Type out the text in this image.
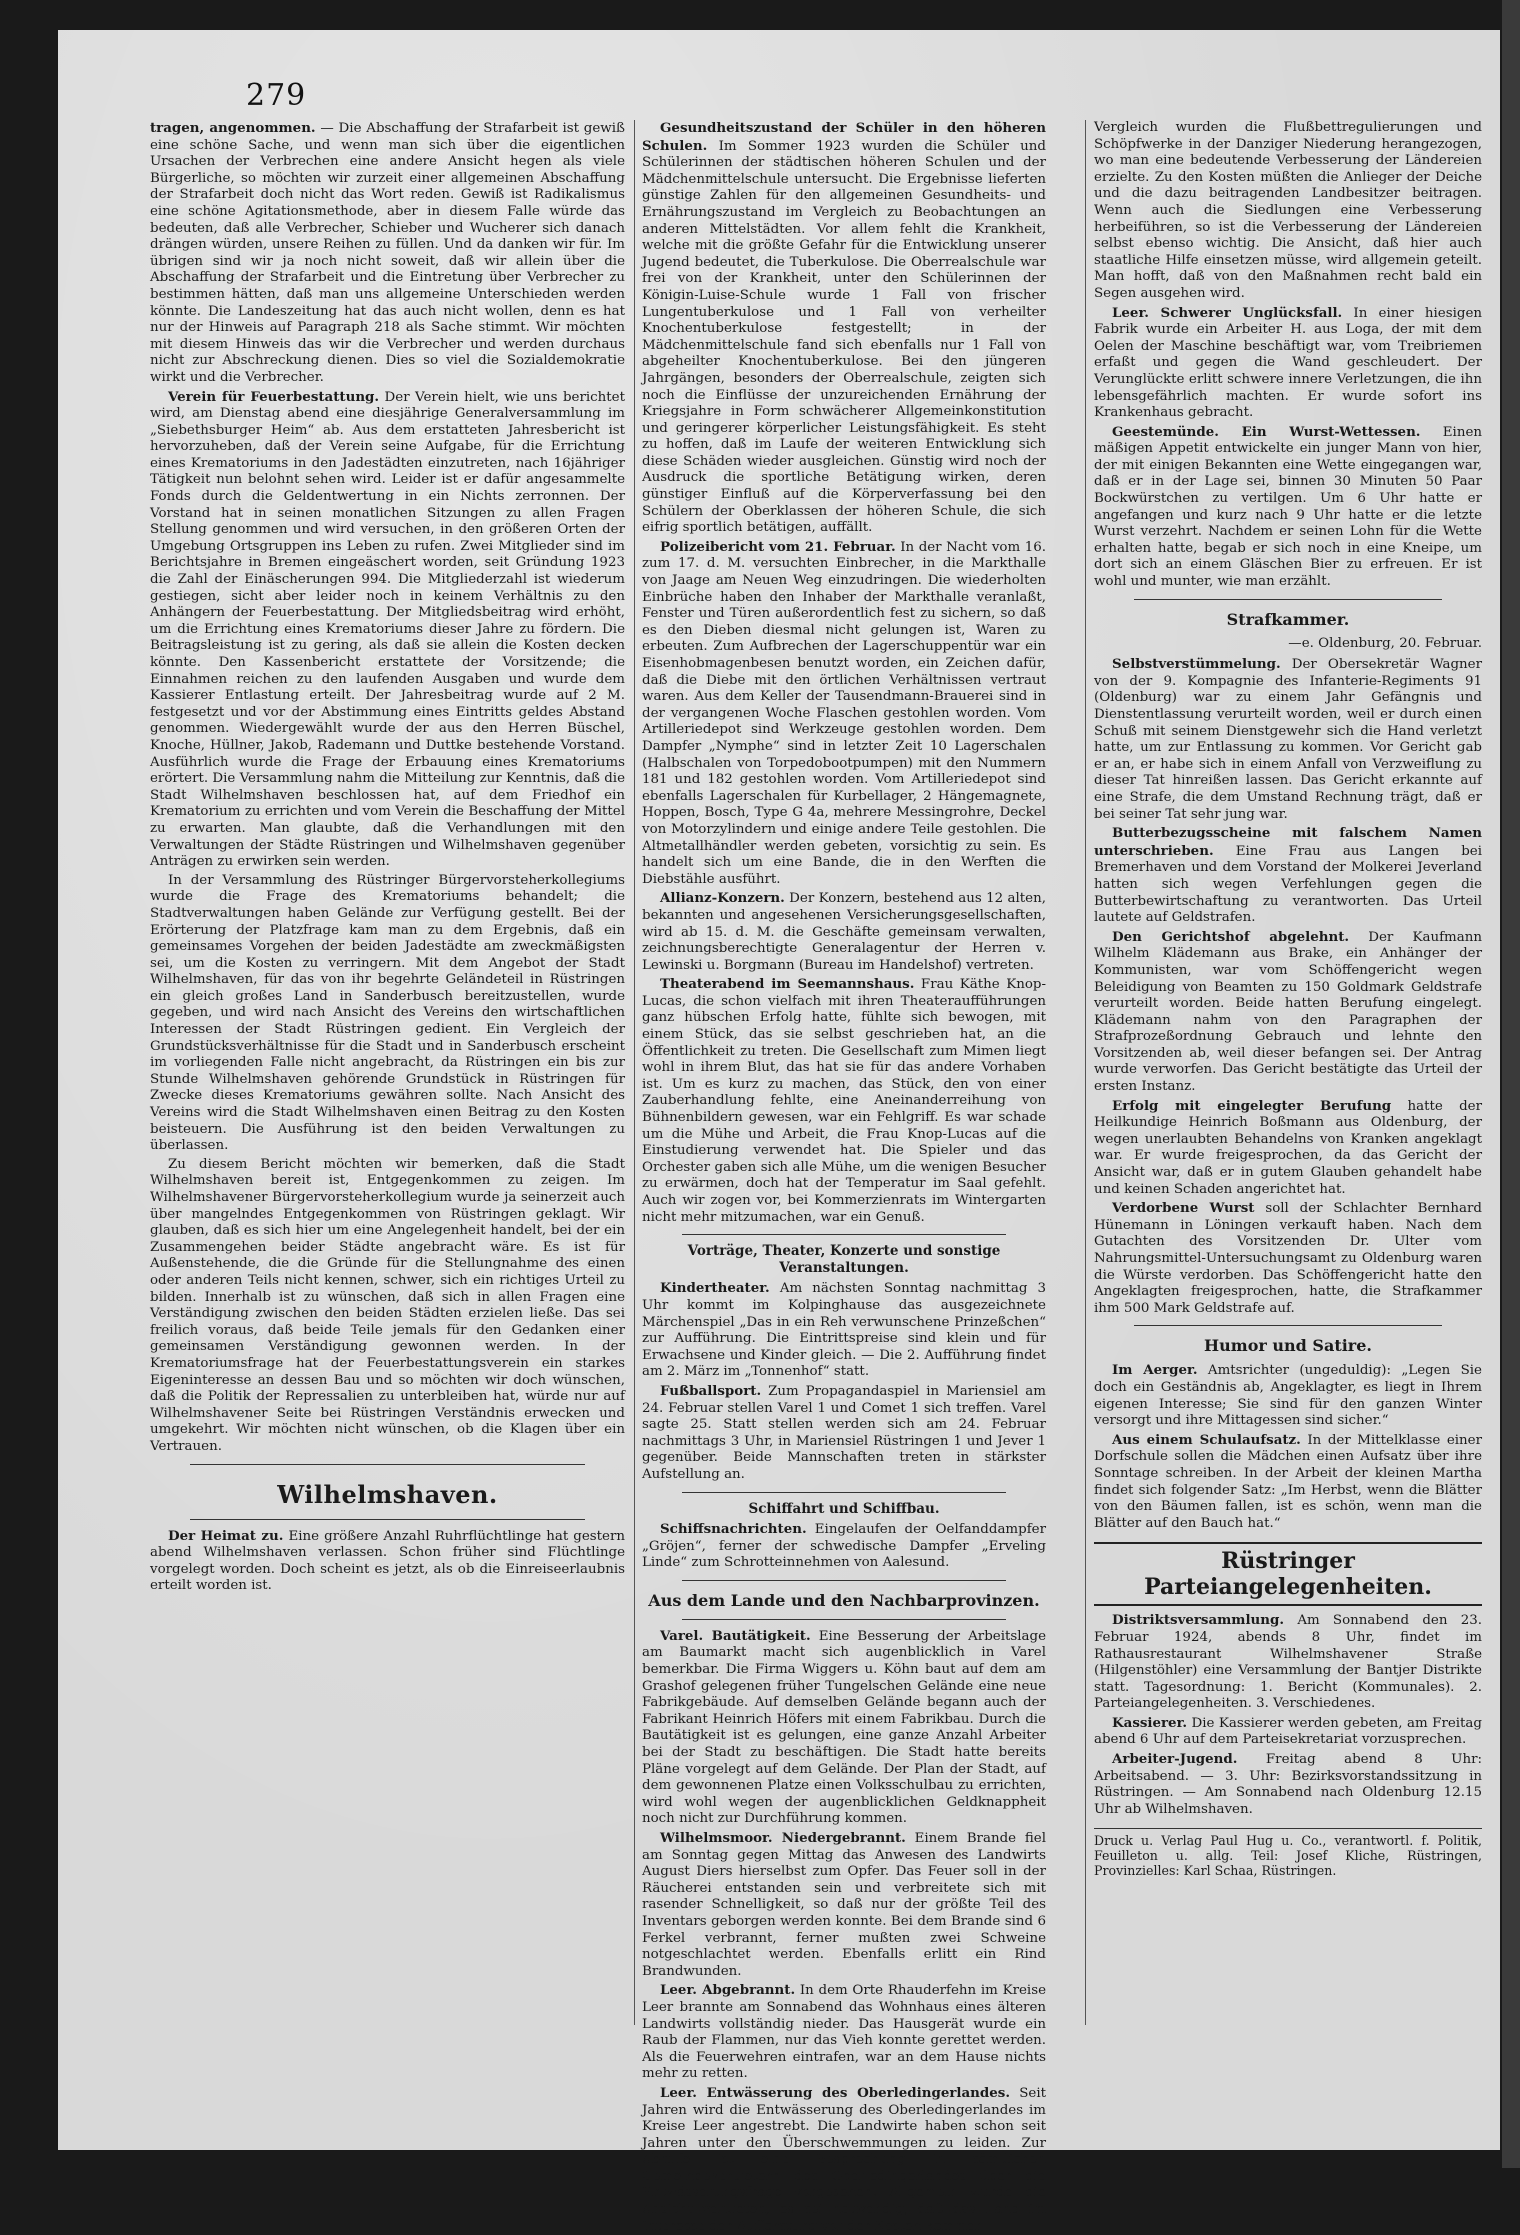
279

tragen, angenommen. — Die Abschaffung der Strafarbeit ist gewiß eine schöne Sache, und wenn man sich über die eigentlichen Ursachen der Verbrechen eine andere Ansicht hegen als viele Bürgerliche, so möchten wir zurzeit einer allgemeinen Abschaffung der Strafarbeit doch nicht das Wort reden. Gewiß ist Radikalismus eine schöne Agitationsmethode, aber in diesem Falle würde das bedeuten, daß alle Verbrecher, Schieber und Wucherer sich danach drängen würden, unsere Reihen zu füllen. Und da danken wir für. Im übrigen sind wir ja noch nicht soweit, daß wir allein über die Abschaffung der Strafarbeit und die Eintretung über Verbrecher zu bestimmen hätten, daß man uns allgemeine Unterschieden werden könnte. Die Landeszeitung hat das auch nicht wollen, denn es hat nur der Hinweis auf Paragraph 218 als Sache stimmt. Wir möchten mit diesem Hinweis das wir die Verbrecher und werden durchaus nicht zur Abschreckung dienen. Dies so viel die Sozialdemokratie wirkt und die Verbrecher.

Verein für Feuerbestattung. Der Verein hielt, wie uns berichtet wird, am Dienstag abend eine diesjährige Generalversammlung im „Siebethsburger Heim“ ab. Aus dem erstatteten Jahresbericht ist hervorzuheben, daß der Verein seine Aufgabe, für die Errichtung eines Krematoriums in den Jadestädten einzutreten, nach 16jähriger Tätigkeit nun belohnt sehen wird. Leider ist er dafür angesammelte Fonds durch die Geldentwertung in ein Nichts zerronnen. Der Vorstand hat in seinen monatlichen Sitzungen zu allen Fragen Stellung genommen und wird versuchen, in den größeren Orten der Umgebung Ortsgruppen ins Leben zu rufen. Zwei Mitglieder sind im Berichtsjahre in Bremen eingeäschert worden, seit Gründung 1923 die Zahl der Einäscherungen 994. Die Mitgliederzahl ist wiederum gestiegen, sicht aber leider noch in keinem Verhältnis zu den Anhängern der Feuerbestattung. Der Mitgliedsbeitrag wird erhöht, um die Errichtung eines Krematoriums dieser Jahre zu fördern. Die Beitragsleistung ist zu gering, als daß sie allein die Kosten decken könnte. Den Kassenbericht erstattete der Vorsitzende; die Einnahmen reichen zu den laufenden Ausgaben und wurde dem Kassierer Entlastung erteilt. Der Jahresbeitrag wurde auf 2 M. festgesetzt und vor der Abstimmung eines Eintritts geldes Abstand genommen. Wiedergewählt wurde der aus den Herren Büschel, Knoche, Hüllner, Jakob, Rademann und Duttke bestehende Vorstand. Ausführlich wurde die Frage der Erbauung eines Krematoriums erörtert. Die Versammlung nahm die Mitteilung zur Kenntnis, daß die Stadt Wilhelmshaven beschlossen hat, auf dem Friedhof ein Krematorium zu errichten und vom Verein die Beschaffung der Mittel zu erwarten. Man glaubte, daß die Verhandlungen mit den Verwaltungen der Städte Rüstringen und Wilhelmshaven gegenüber Anträgen zu erwirken sein werden.

In der Versammlung des Rüstringer Bürgervorsteherkollegiums wurde die Frage des Krematoriums behandelt; die Stadtverwaltungen haben Gelände zur Verfügung gestellt. Bei der Erörterung der Platzfrage kam man zu dem Ergebnis, daß ein gemeinsames Vorgehen der beiden Jadestädte am zweckmäßigsten sei, um die Kosten zu verringern. Mit dem Angebot der Stadt Wilhelmshaven, für das von ihr begehrte Geländeteil in Rüstringen ein gleich großes Land in Sanderbusch bereitzustellen, wurde gegeben, und wird nach Ansicht des Vereins den wirtschaftlichen Interessen der Stadt Rüstringen gedient. Ein Vergleich der Grundstücksverhältnisse für die Stadt und in Sanderbusch erscheint im vorliegenden Falle nicht angebracht, da Rüstringen ein bis zur Stunde Wilhelmshaven gehörende Grundstück in Rüstringen für Zwecke dieses Krematoriums gewähren sollte. Nach Ansicht des Vereins wird die Stadt Wilhelmshaven einen Beitrag zu den Kosten beisteuern. Die Ausführung ist den beiden Verwaltungen zu überlassen.

Zu diesem Bericht möchten wir bemerken, daß die Stadt Wilhelmshaven bereit ist, Entgegenkommen zu zeigen. Im Wilhelmshavener Bürgervorsteherkollegium wurde ja seinerzeit auch über mangelndes Entgegenkommen von Rüstringen geklagt. Wir glauben, daß es sich hier um eine Angelegenheit handelt, bei der ein Zusammengehen beider Städte angebracht wäre. Es ist für Außenstehende, die die Gründe für die Stellungnahme des einen oder anderen Teils nicht kennen, schwer, sich ein richtiges Urteil zu bilden. Innerhalb ist zu wünschen, daß sich in allen Fragen eine Verständigung zwischen den beiden Städten erzielen ließe. Das sei freilich voraus, daß beide Teile jemals für den Gedanken einer gemeinsamen Verständigung gewonnen werden. In der Krematoriumsfrage hat der Feuerbestattungsverein ein starkes Eigeninteresse an dessen Bau und so möchten wir doch wünschen, daß die Politik der Repressalien zu unterbleiben hat, würde nur auf Wilhelmshavener Seite bei Rüstringen Verständnis erwecken und umgekehrt. Wir möchten nicht wünschen, ob die Klagen über ein Vertrauen.

Wilhelmshaven.

Der Heimat zu. Eine größere Anzahl Ruhrflüchtlinge hat gestern abend Wilhelmshaven verlassen. Schon früher sind Flüchtlinge vorgelegt worden. Doch scheint es jetzt, als ob die Einreiseerlaubnis erteilt worden ist.

Gesundheitszustand der Schüler in den höheren Schulen. Im Sommer 1923 wurden die Schüler und Schülerinnen der städtischen höheren Schulen und der Mädchenmittelschule untersucht. Die Ergebnisse lieferten günstige Zahlen für den allgemeinen Gesundheits- und Ernährungszustand im Vergleich zu Beobachtungen an anderen Mittelstädten. Vor allem fehlt die Krankheit, welche mit die größte Gefahr für die Entwicklung unserer Jugend bedeutet, die Tuberkulose. Die Oberrealschule war frei von der Krankheit, unter den Schülerinnen der Königin-Luise-Schule wurde 1 Fall von frischer Lungentuberkulose und 1 Fall von verheilter Knochentuberkulose festgestellt; in der Mädchenmittelschule fand sich ebenfalls nur 1 Fall von abgeheilter Knochentuberkulose. Bei den jüngeren Jahrgängen, besonders der Oberrealschule, zeigten sich noch die Einflüsse der unzureichenden Ernährung der Kriegsjahre in Form schwächerer Allgemeinkonstitution und geringerer körperlicher Leistungsfähigkeit. Es steht zu hoffen, daß im Laufe der weiteren Entwicklung sich diese Schäden wieder ausgleichen. Günstig wird noch der Ausdruck die sportliche Betätigung wirken, deren günstiger Einfluß auf die Körperverfassung bei den Schülern der Oberklassen der höheren Schule, die sich eifrig sportlich betätigen, auffällt.

Polizeibericht vom 21. Februar. In der Nacht vom 16. zum 17. d. M. versuchten Einbrecher, in die Markthalle von Jaage am Neuen Weg einzudringen. Die wiederholten Einbrüche haben den Inhaber der Markthalle veranlaßt, Fenster und Türen außerordentlich fest zu sichern, so daß es den Dieben diesmal nicht gelungen ist, Waren zu erbeuten. Zum Aufbrechen der Lagerschuppentür war ein Eisenhobmagenbesen benutzt worden, ein Zeichen dafür, daß die Diebe mit den örtlichen Verhältnissen vertraut waren. Aus dem Keller der Tausendmann-Brauerei sind in der vergangenen Woche Flaschen gestohlen worden. Vom Artilleriedepot sind Werkzeuge gestohlen worden. Dem Dampfer „Nymphe“ sind in letzter Zeit 10 Lagerschalen (Halbschalen von Torpedobootpumpen) mit den Nummern 181 und 182 gestohlen worden. Vom Artilleriedepot sind ebenfalls Lagerschalen für Kurbellager, 2 Hängemagnete, Hoppen, Bosch, Type G 4a, mehrere Messingrohre, Deckel von Motorzylindern und einige andere Teile gestohlen. Die Altmetallhändler werden gebeten, vorsichtig zu sein. Es handelt sich um eine Bande, die in den Werften die Diebstähle ausführt.

Allianz-Konzern. Der Konzern, bestehend aus 12 alten, bekannten und angesehenen Versicherungsgesellschaften, wird ab 15. d. M. die Geschäfte gemeinsam verwalten, zeichnungsberechtigte Generalagentur der Herren v. Lewinski u. Borgmann (Bureau im Handelshof) vertreten.

Theaterabend im Seemannshaus. Frau Käthe Knop-Lucas, die schon vielfach mit ihren Theateraufführungen ganz hübschen Erfolg hatte, fühlte sich bewogen, mit einem Stück, das sie selbst geschrieben hat, an die Öffentlichkeit zu treten. Die Gesellschaft zum Mimen liegt wohl in ihrem Blut, das hat sie für das andere Vorhaben ist. Um es kurz zu machen, das Stück, den von einer Zauberhandlung fehlte, eine Aneinanderreihung von Bühnenbildern gewesen, war ein Fehlgriff. Es war schade um die Mühe und Arbeit, die Frau Knop-Lucas auf die Einstudierung verwendet hat. Die Spieler und das Orchester gaben sich alle Mühe, um die wenigen Besucher zu erwärmen, doch hat der Temperatur im Saal gefehlt. Auch wir zogen vor, bei Kommerzienrats im Wintergarten nicht mehr mitzumachen, war ein Genuß.

Vorträge, Theater, Konzerte und sonstige Veranstaltungen.

Kindertheater. Am nächsten Sonntag nachmittag 3 Uhr kommt im Kolpinghause das ausgezeichnete Märchenspiel „Das in ein Reh verwunschene Prinzeßchen“ zur Aufführung. Die Eintrittspreise sind klein und für Erwachsene und Kinder gleich. — Die 2. Aufführung findet am 2. März im „Tonnenhof“ statt.

Fußballsport. Zum Propagandaspiel in Mariensiel am 24. Februar stellen Varel 1 und Comet 1 sich treffen. Varel sagte 25. Statt stellen werden sich am 24. Februar nachmittags 3 Uhr, in Mariensiel Rüstringen 1 und Jever 1 gegenüber. Beide Mannschaften treten in stärkster Aufstellung an.

Schiffahrt und Schiffbau.

Schiffsnachrichten. Eingelaufen der Oelfanddampfer „Gröjen“, ferner der schwedische Dampfer „Erveling Linde“ zum Schrotteinnehmen von Aalesund.

Aus dem Lande und den Nachbarprovinzen.

Varel. Bautätigkeit. Eine Besserung der Arbeitslage am Baumarkt macht sich augenblicklich in Varel bemerkbar. Die Firma Wiggers u. Köhn baut auf dem am Grashof gelegenen früher Tungelschen Gelände eine neue Fabrikgebäude. Auf demselben Gelände begann auch der Fabrikant Heinrich Höfers mit einem Fabrikbau. Durch die Bautätigkeit ist es gelungen, eine ganze Anzahl Arbeiter bei der Stadt zu beschäftigen. Die Stadt hatte bereits Pläne vorgelegt auf dem Gelände. Der Plan der Stadt, auf dem gewonnenen Platze einen Volksschulbau zu errichten, wird wohl wegen der augenblicklichen Geldknappheit noch nicht zur Durchführung kommen.

Wilhelmsmoor. Niedergebrannt. Einem Brande fiel am Sonntag gegen Mittag das Anwesen des Landwirts August Diers hierselbst zum Opfer. Das Feuer soll in der Räucherei entstanden sein und verbreitete sich mit rasender Schnelligkeit, so daß nur der größte Teil des Inventars geborgen werden konnte. Bei dem Brande sind 6 Ferkel verbrannt, ferner mußten zwei Schweine notgeschlachtet werden. Ebenfalls erlitt ein Rind Brandwunden.

Leer. Abgebrannt. In dem Orte Rhauderfehn im Kreise Leer brannte am Sonnabend das Wohnhaus eines älteren Landwirts vollständig nieder. Das Hausgerät wurde ein Raub der Flammen, nur das Vieh konnte gerettet werden. Als die Feuerwehren eintrafen, war an dem Hause nichts mehr zu retten.

Leer. Entwässerung des Oberledingerlandes. Seit Jahren wird die Entwässerung des Oberledingerlandes im Kreise Leer angestrebt. Die Landwirte haben schon seit Jahren unter den Überschwemmungen zu leiden. Zur Abhilfe ist eine Besprechung in sämtlichen Gemeindevertretern des Oberledingerlandes über die Entwässerungsfrage vorgesehen. Allgemein wurde die Ansicht vertreten, es sei notwendig, daß das Land im Interesse der Aufforstung vor der Kosten kommen.

Vergleich wurden die Flußbettregulierungen und Schöpfwerke in der Danziger Niederung herangezogen, wo man eine bedeutende Verbesserung der Ländereien erzielte. Zu den Kosten müßten die Anlieger der Deiche und die dazu beitragenden Landbesitzer beitragen. Wenn auch die Siedlungen eine Verbesserung herbeiführen, so ist die Verbesserung der Ländereien selbst ebenso wichtig. Die Ansicht, daß hier auch staatliche Hilfe einsetzen müsse, wird allgemein geteilt. Man hofft, daß von den Maßnahmen recht bald ein Segen ausgehen wird.

Leer. Schwerer Unglücksfall. In einer hiesigen Fabrik wurde ein Arbeiter H. aus Loga, der mit dem Oelen der Maschine beschäftigt war, vom Treibriemen erfaßt und gegen die Wand geschleudert. Der Verunglückte erlitt schwere innere Verletzungen, die ihn lebensgefährlich machten. Er wurde sofort ins Krankenhaus gebracht.

Geestemünde. Ein Wurst-Wettessen. Einen mäßigen Appetit entwickelte ein junger Mann von hier, der mit einigen Bekannten eine Wette eingegangen war, daß er in der Lage sei, binnen 30 Minuten 50 Paar Bockwürstchen zu vertilgen. Um 6 Uhr hatte er angefangen und kurz nach 9 Uhr hatte er die letzte Wurst verzehrt. Nachdem er seinen Lohn für die Wette erhalten hatte, begab er sich noch in eine Kneipe, um dort sich an einem Gläschen Bier zu erfreuen. Er ist wohl und munter, wie man erzählt.

Strafkammer.
—e. Oldenburg, 20. Februar.

Selbstverstümmelung. Der Obersekretär Wagner von der 9. Kompagnie des Infanterie-Regiments 91 (Oldenburg) war zu einem Jahr Gefängnis und Dienstentlassung verurteilt worden, weil er durch einen Schuß mit seinem Dienstgewehr sich die Hand verletzt hatte, um zur Entlassung zu kommen. Vor Gericht gab er an, er habe sich in einem Anfall von Verzweiflung zu dieser Tat hinreißen lassen. Das Gericht erkannte auf eine Strafe, die dem Umstand Rechnung trägt, daß er bei seiner Tat sehr jung war.

Butterbezugsscheine mit falschem Namen unterschrieben. Eine Frau aus Langen bei Bremerhaven und dem Vorstand der Molkerei Jeverland hatten sich wegen Verfehlungen gegen die Butterbewirtschaftung zu verantworten. Das Urteil lautete auf Geldstrafen.

Den Gerichtshof abgelehnt. Der Kaufmann Wilhelm Klädemann aus Brake, ein Anhänger der Kommunisten, war vom Schöffengericht wegen Beleidigung von Beamten zu 150 Goldmark Geldstrafe verurteilt worden. Beide hatten Berufung eingelegt. Klädemann nahm von den Paragraphen der Strafprozeßordnung Gebrauch und lehnte den Vorsitzenden ab, weil dieser befangen sei. Der Antrag wurde verworfen. Das Gericht bestätigte das Urteil der ersten Instanz.

Erfolg mit eingelegter Berufung hatte der Heilkundige Heinrich Boßmann aus Oldenburg, der wegen unerlaubten Behandelns von Kranken angeklagt war. Er wurde freigesprochen, da das Gericht der Ansicht war, daß er in gutem Glauben gehandelt habe und keinen Schaden angerichtet hat.

Verdorbene Wurst soll der Schlachter Bernhard Hünemann in Löningen verkauft haben. Nach dem Gutachten des Vorsitzenden Dr. Ulter vom Nahrungsmittel-Untersuchungsamt zu Oldenburg waren die Würste verdorben. Das Schöffengericht hatte den Angeklagten freigesprochen, hatte, die Strafkammer ihm 500 Mark Geldstrafe auf.

Humor und Satire.

Im Aerger. Amtsrichter (ungeduldig): „Legen Sie doch ein Geständnis ab, Angeklagter, es liegt in Ihrem eigenen Interesse; Sie sind für den ganzen Winter versorgt und ihre Mittagessen sind sicher.“

Aus einem Schulaufsatz. In der Mittelklasse einer Dorfschule sollen die Mädchen einen Aufsatz über ihre Sonntage schreiben. In der Arbeit der kleinen Martha findet sich folgender Satz: „Im Herbst, wenn die Blätter von den Bäumen fallen, ist es schön, wenn man die Blätter auf den Bauch hat.“

Rüstringer Parteiangelegenheiten.

Distriktsversammlung. Am Sonnabend den 23. Februar 1924, abends 8 Uhr, findet im Rathausrestaurant Wilhelmshavener Straße (Hilgenstöhler) eine Versammlung der Bantjer Distrikte statt. Tagesordnung: 1. Bericht (Kommunales). 2. Parteiangelegenheiten. 3. Verschiedenes.

Kassierer. Die Kassierer werden gebeten, am Freitag abend 6 Uhr auf dem Parteisekretariat vorzusprechen.

Arbeiter-Jugend. Freitag abend 8 Uhr: Arbeitsabend. — 3. Uhr: Bezirksvorstandssitzung in Rüstringen. — Am Sonnabend nach Oldenburg 12.15 Uhr ab Wilhelmshaven.

Druck u. Verlag Paul Hug u. Co., verantwortl. f. Politik, Feuilleton u. allg. Teil: Josef Kliche, Rüstringen, Provinzielles: Karl Schaa, Rüstringen.
